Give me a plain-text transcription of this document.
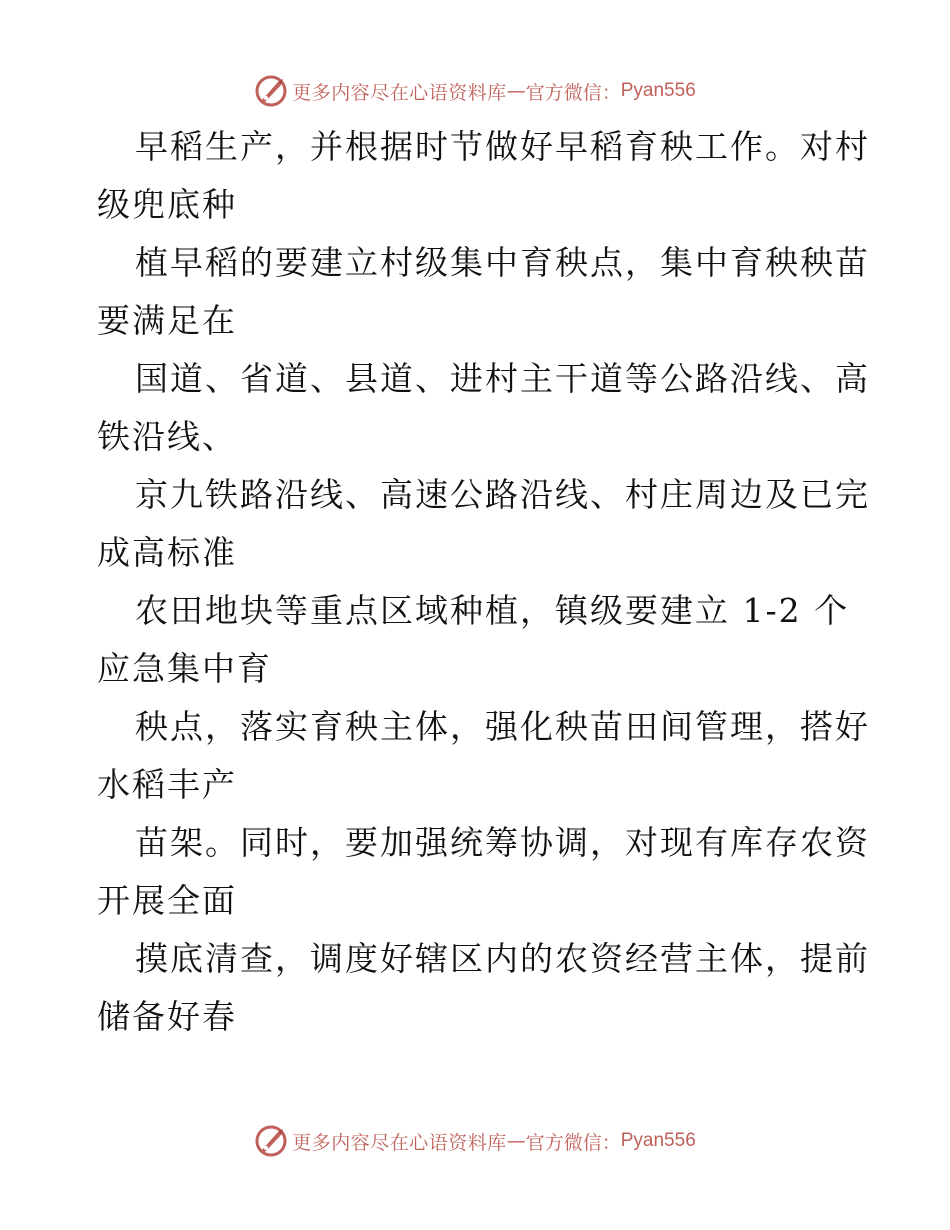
更多内容尽在心语资料库 — 官方微信： Pyan556
早稻生产，并根据时节做好早稻育秧工作。对村
级兜底种
植早稻的要建立村级集中育秧点，集中育秧秧苗
要满足在
国道、省道、县道、进村主干道等公路沿线、高
铁沿线、
京九铁路沿线、高速公路沿线、村庄周边及已完
成高标准
农田地块等重点区域种植，镇级要建立 1-2 个
应急集中育
秧点，落实育秧主体，强化秧苗田间管理，搭好
水稻丰产
苗架。同时，要加强统筹协调，对现有库存农资
开展全面
摸底清查，调度好辖区内的农资经营主体，提前
储备好春
更多内容尽在心语资料库 — 官方微信： Pyan556
